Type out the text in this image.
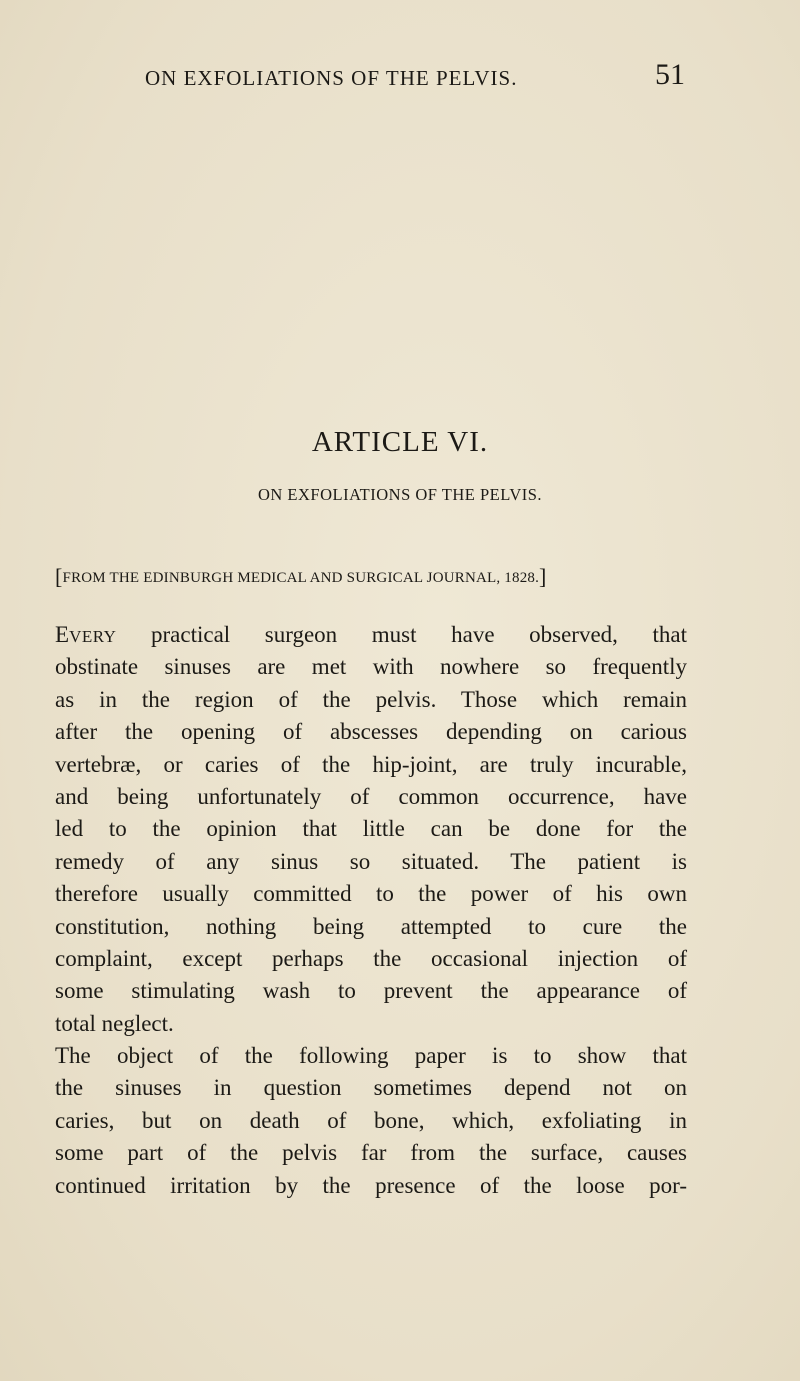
ON EXFOLIATIONS OF THE PELVIS.	51
ARTICLE VI.
ON EXFOLIATIONS OF THE PELVIS.
[FROM THE EDINBURGH MEDICAL AND SURGICAL JOURNAL, 1828.]
EVERY practical surgeon must have observed, that
obstinate sinuses are met with nowhere so frequently
as in the region of the pelvis. Those which remain
after the opening of abscesses depending on carious
vertebræ, or caries of the hip-joint, are truly incurable,
and being unfortunately of common occurrence, have
led to the opinion that little can be done for the
remedy of any sinus so situated. The patient is
therefore usually committed to the power of his own
constitution, nothing being attempted to cure the
complaint, except perhaps the occasional injection of
some stimulating wash to prevent the appearance of
total neglect.
The object of the following paper is to show that
the sinuses in question sometimes depend not on
caries, but on death of bone, which, exfoliating in
some part of the pelvis far from the surface, causes
continued irritation by the presence of the loose por-
